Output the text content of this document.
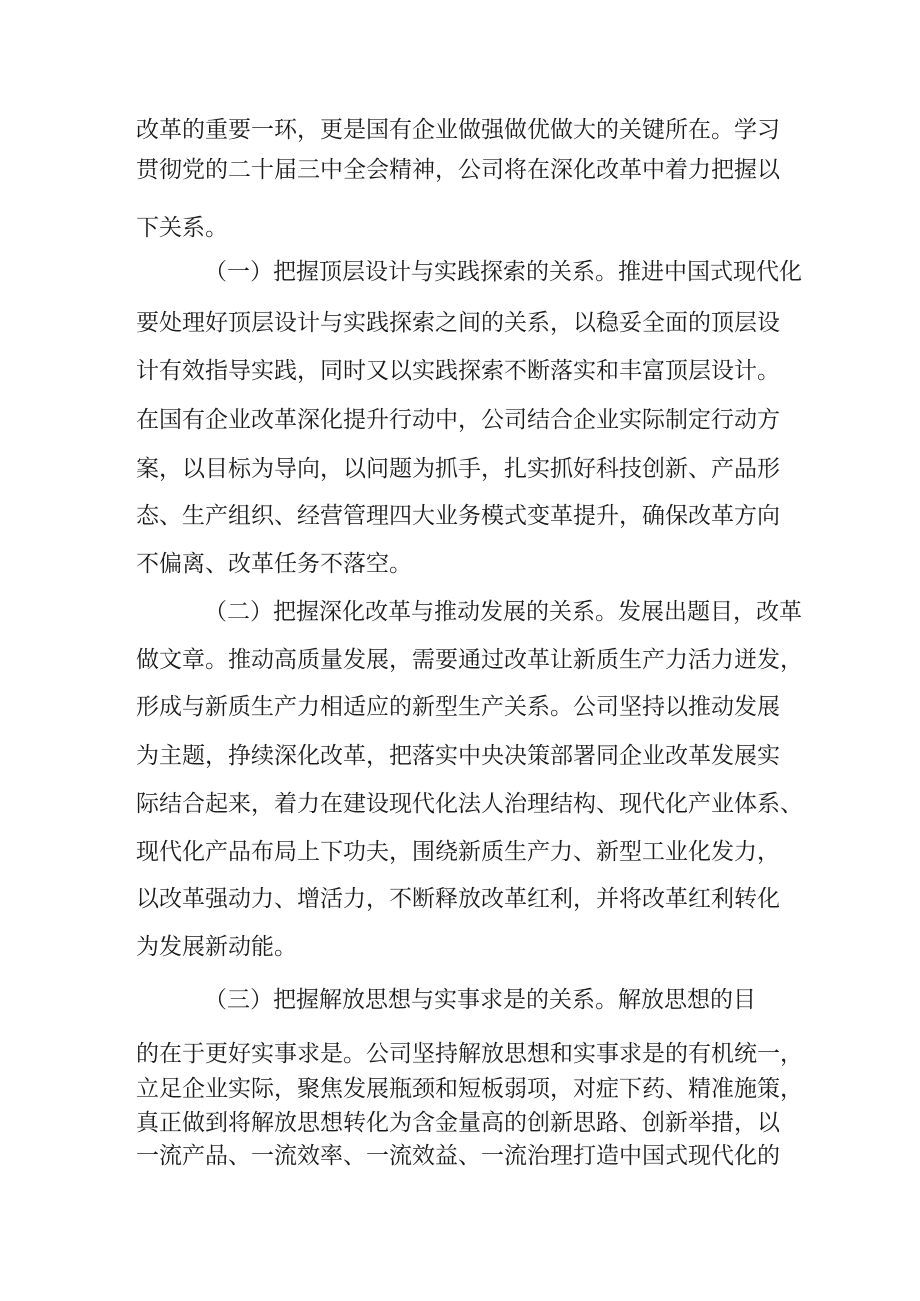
改革的重要一环，更是国有企业做强做优做大的关键所在。学习

贯彻党的二十届三中全会精神，公司将在深化改革中着力把握以

下关系。

（一）把握顶层设计与实践探索的关系。推进中国式现代化

要处理好顶层设计与实践探索之间的关系，以稳妥全面的顶层设

计有效指导实践，同时又以实践探索不断落实和丰富顶层设计。

在国有企业改革深化提升行动中，公司结合企业实际制定行动方

案，以目标为导向，以问题为抓手，扎实抓好科技创新、产品形

态、生产组织、经营管理四大业务模式变革提升，确保改革方向

不偏离、改革任务不落空。

（二）把握深化改革与推动发展的关系。发展出题目，改革

做文章。推动高质量发展，需要通过改革让新质生产力活力迸发，

形成与新质生产力相适应的新型生产关系。公司坚持以推动发展

为主题，挣续深化改革，把落实中央决策部署同企业改革发展实

际结合起来，着力在建设现代化法人治理结构、现代化产业体系、

现代化产品布局上下功夫，围绕新质生产力、新型工业化发力，

以改革强动力、增活力，不断释放改革红利，并将改革红利转化

为发展新动能。

（三）把握解放思想与实事求是的关系。解放思想的目

的在于更好实事求是。公司坚持解放思想和实事求是的有机统一，

立足企业实际，聚焦发展瓶颈和短板弱项，对症下药、精准施策，

真正做到将解放思想转化为含金量高的创新思路、创新举措，以

一流产品、一流效率、一流效益、一流治理打造中国式现代化的
